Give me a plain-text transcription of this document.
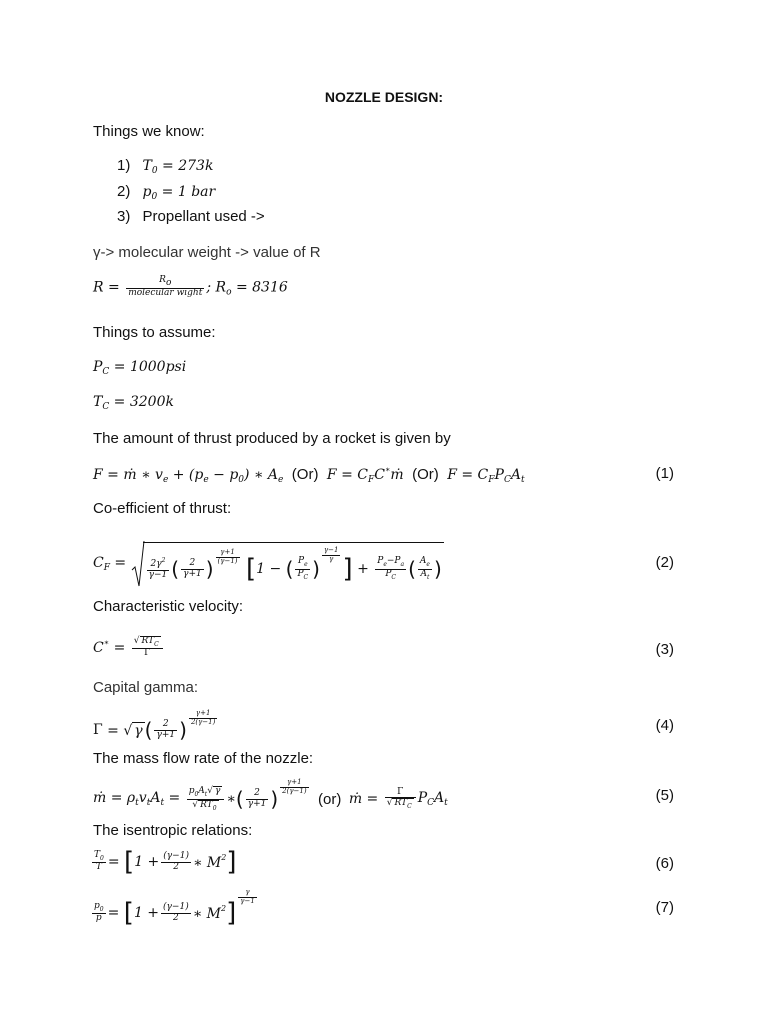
NOZZLE DESIGN:
Things we know:
1) $T_0 = 273k$
2) $p_0 = 1$ bar
3) Propellant used ->
γ-> molecular weight -> value of R
$R = \frac{R_o}{\text{molecular wight}}$ ; $R_o = 8316$
Things to assume:
$P_C = 1000psi$
$T_C = 3200k$
The amount of thrust produced by a rocket is given by
F = ṁ ∗ $v_e + (p_e - p_0)$ ∗ $A_e$ (Or) $F = C_FC^∗ṁ$ (Or) $F = C_FP_CA_t$	(1)
Co-efficient of thrust:
$C_F = \frac{2\gamma^2}{\gamma-1}$ ( $\frac{2}{\gamma+1}$ ) $^{\frac{\gamma+1}{(\gamma-1)}}$ [1 − ( $\frac{P_e}{P_C}$ )
$\frac{\gamma-1}{\gamma}$ ] + $\frac{P_e-P_a}{P_C}$ ( $\frac{A_e}{A_t}$ )	(2)
Characteristic velocity:
$C^∗ = \frac{√ RT_C}{\Gamma}$	(3)
Capital gamma:
Γ = √ γ ( $\frac{2}{\gamma+1}$ ) $\frac{\gamma+1}{2(\gamma-1)}$	(4)
The mass flow rate of the nozzle:
ṁ = $\rho_tv_tA_t = \frac{p_0A_t√ \gamma}{√ RT_0}$ ∗( $\frac{2}{\gamma+1}$ ) $\frac{\gamma+1}{2(\gamma-1)}$
(or) ṁ = $\frac{\Gamma}{√ RT_C} P_CA_t$	(5)
The isentropic relations:
$\frac{T_0}{T} = [1 + \frac{(\gamma-1)}{2}$ ∗ $M^2$]	(6)
$\frac{p_0}{p} = [1 + \frac{(\gamma-1)}{2}$ ∗ $M^2$]
$\frac{\gamma}{\gamma-1}$
(7)
